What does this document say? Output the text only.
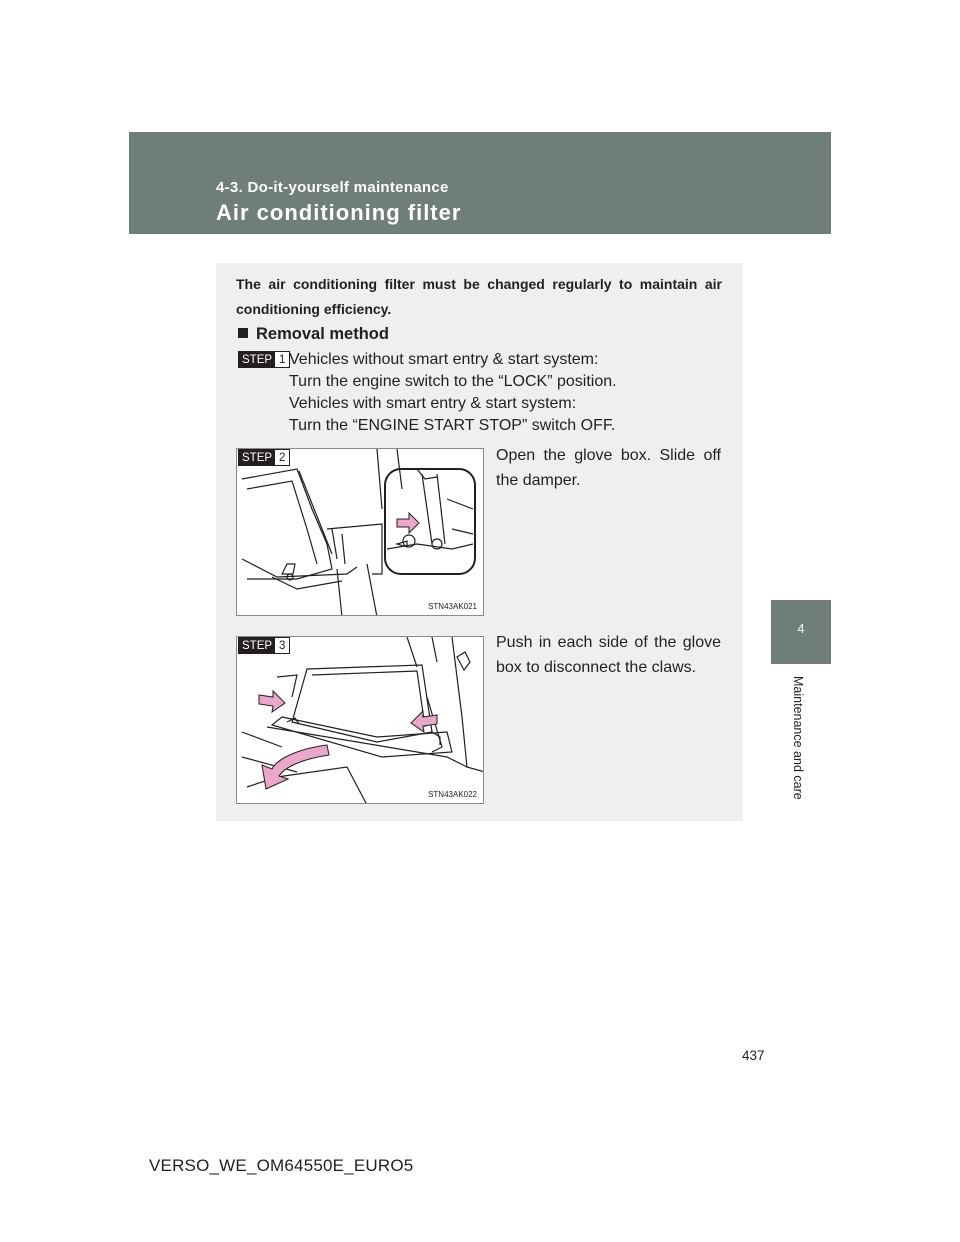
4-3. Do-it-yourself maintenance
Air conditioning filter
4
Maintenance and care
The air conditioning filter must be changed regularly to maintain air conditioning efficiency.
Removal method
STEP 1 Vehicles without smart entry & start system:
Turn the engine switch to the “LOCK” position.
Vehicles with smart entry & start system:
Turn the “ENGINE START STOP” switch OFF.
STN43AK021
STEP 2	Open the glove box. Slide off the damper.
STN43AK022
STEP 3	Push in each side of the glove box to disconnect the claws.
437
VERSO_WE_OM64550E_EURO5
